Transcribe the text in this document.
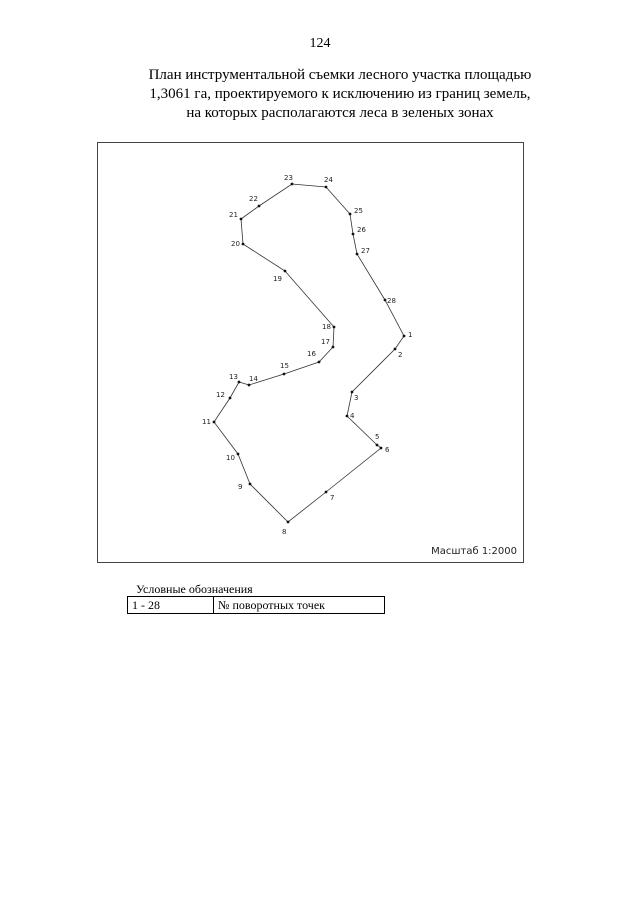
124
План инструментальной съемки лесного участка площадью
1,3061 га, проектируемого к исключению из границ земель,
на которых располагаются леса в зеленых зонах
1
2
3
4
5
6
7
8
9
10
11
12
13 14
15
16
17
18
19
20
21
22
23	24
25
26
27
28
Масштаб 1:2000
Условные обозначения
1 - 28	№ поворотных точек
